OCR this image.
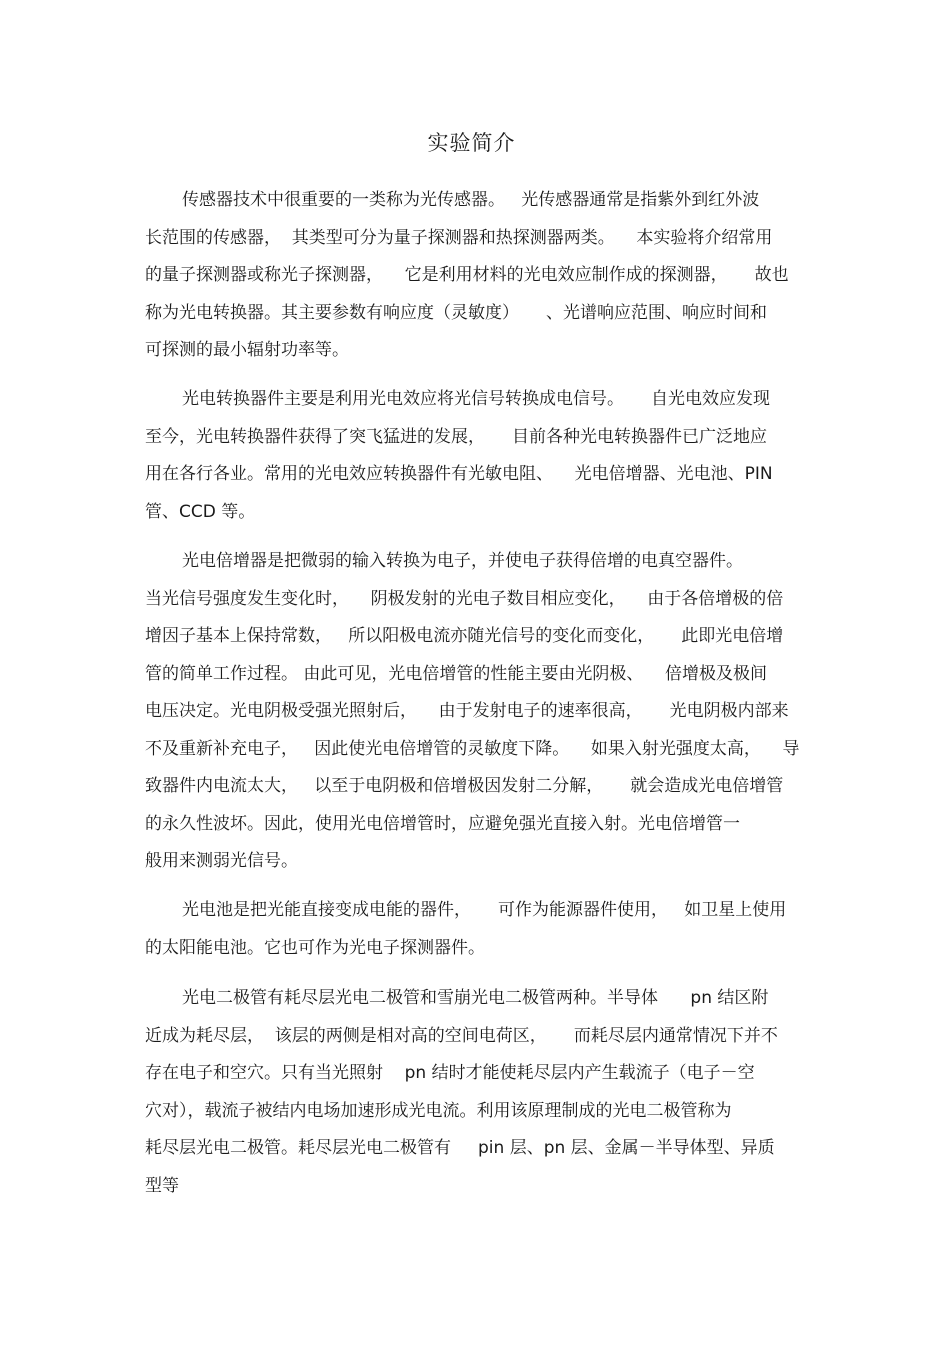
实验简介
传感器技术中很重要的一类称为光传感器。   光传感器通常是指紫外到红外波
长范围的传感器，  其类型可分为量子探测器和热探测器两类。    本实验将介绍常用
的量子探测器或称光子探测器，    它是利用材料的光电效应制作成的探测器，     故也
称为光电转换器。其主要参数有响应度（灵敏度）     、光谱响应范围、响应时间和
可探测的最小辐射功率等。
光电转换器件主要是利用光电效应将光信号转换成电信号。     自光电效应发现
至今，光电转换器件获得了突飞猛进的发展，     目前各种光电转换器件已广泛地应
用在各行各业。常用的光电效应转换器件有光敏电阻、    光电倍增器、光电池、PIN
管、CCD 等。
光电倍增器是把微弱的输入转换为电子，并使电子获得倍增的电真空器件。
当光信号强度发生变化时，    阴极发射的光电子数目相应变化，    由于各倍增极的倍
增因子基本上保持常数，   所以阳极电流亦随光信号的变化而变化，     此即光电倍增
管的简单工作过程。 由此可见，光电倍增管的性能主要由光阴极、    倍增极及极间
电压决定。光电阴极受强光照射后，    由于发射电子的速率很高，     光电阴极内部来
不及重新补充电子，   因此使光电倍增管的灵敏度下降。    如果入射光强度太高，    导
致器件内电流太大，   以至于电阴极和倍增极因发射二分解，     就会造成光电倍增管
的永久性波坏。因此，使用光电倍增管时，应避免强光直接入射。光电倍增管一
般用来测弱光信号。
光电池是把光能直接变成电能的器件，     可作为能源器件使用，   如卫星上使用
的太阳能电池。它也可作为光电子探测器件。
光电二极管有耗尽层光电二极管和雪崩光电二极管两种。半导体      pn 结区附
近成为耗尽层，  该层的两侧是相对高的空间电荷区，     而耗尽层内通常情况下并不
存在电子和空穴。只有当光照射    pn 结时才能使耗尽层内产生载流子（电子－空
穴对），载流子被结内电场加速形成光电流。利用该原理制成的光电二极管称为
耗尽层光电二极管。耗尽层光电二极管有     pin 层、pn 层、金属－半导体型、异质
型等
